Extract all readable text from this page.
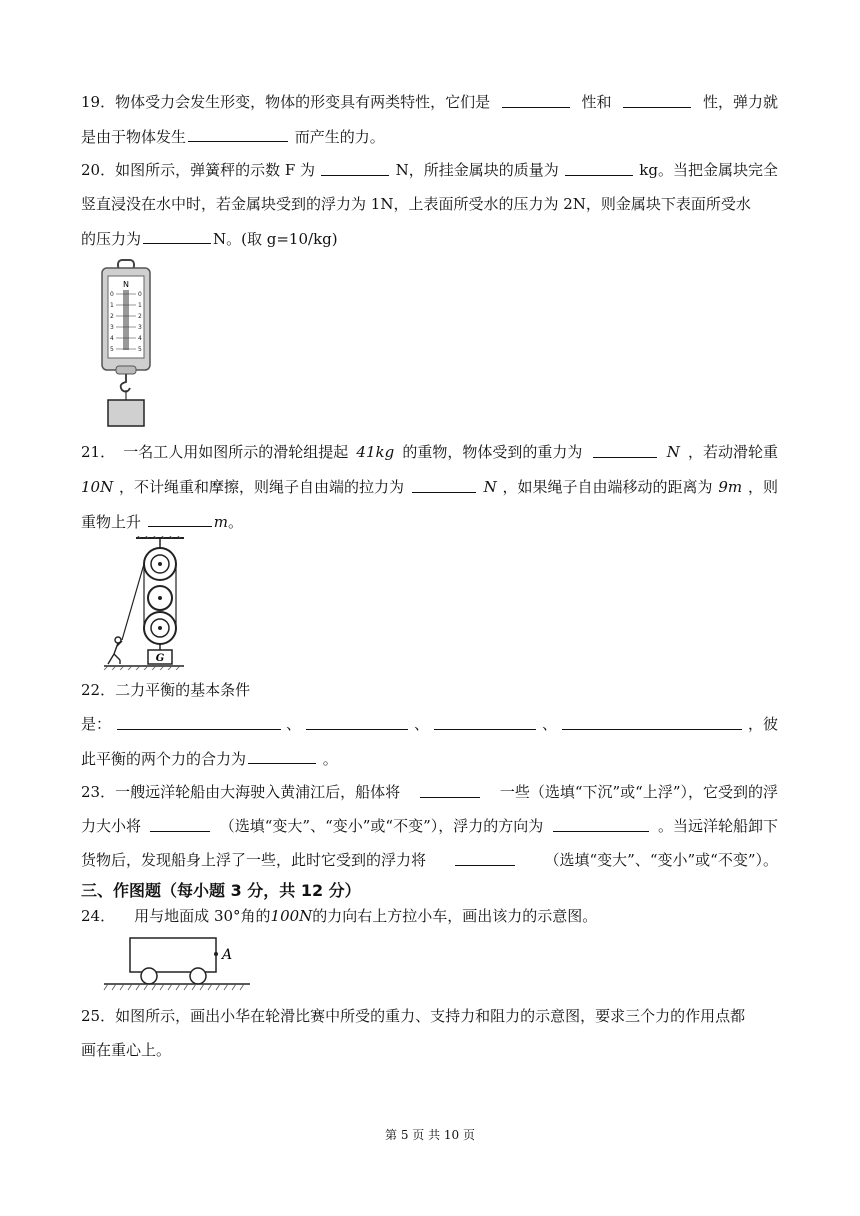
19．物体受力会发生形变，物体的形变具有两类特性，它们是	性和	性，弹力就
是由于物体发生	而产生的力。
20．如图所示，弹簧秤的示数 F 为	N，所挂金属块的质量为	kg。当把金属块完全
竖直浸没在水中时，若金属块受到的浮力为 1N，上表面所受水的压力为 2N，则金属块下表面所受水
的压力为	N。(取 g=10/kg)
N
0
1
2
3
4
5
0
1
2
3
4
5
21． 一名工人用如图所示的滑轮组提起 41kg 的重物，物体受到的重力为	N ，若动滑轮重
10N ，不计绳重和摩擦，则绳子自由端的拉力为	N ，如果绳子自由端移动的距离为 9m ，则
重物上升	m。
G
22．二力平衡的基本条件
是：	、	、	、	，彼
此平衡的两个力的合力为	。
23．一艘远洋轮船由大海驶入黄浦江后，船体将	一些（选填“下沉”或“上浮”），它受到的浮
力大小将	（选填“变大”、“变小”或“不变”），浮力的方向为	。当远洋轮船卸下
货物后，发现船身上浮了一些，此时它受到的浮力将	（选填“变大”、“变小”或“不变”）。
三、作图题（每小题 3 分，共 12 分）
24． 用与地面成 30°角的100N的力向右上方拉小车，画出该力的示意图。
A
25．如图所示，画出小华在轮滑比赛中所受的重力、支持力和阻力的示意图，要求三个力的作用点都
画在重心上。
第 5 页 共 10 页
